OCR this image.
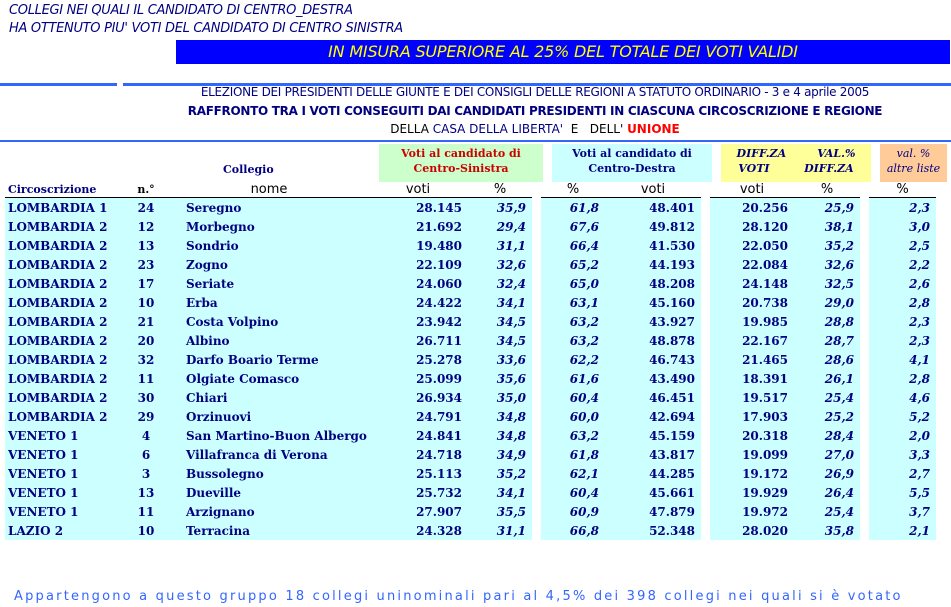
COLLEGI NEI QUALI IL CANDIDATO DI CENTRO_DESTRA
HA OTTENUTO PIU' VOTI DEL CANDIDATO DI CENTRO SINISTRA
IN MISURA SUPERIORE AL 25% DEL TOTALE DEI VOTI VALIDI
ELEZIONE DEI PRESIDENTI DELLE GIUNTE E DEI CONSIGLI DELLE REGIONI A STATUTO ORDINARIO - 3 e 4 aprile 2005
RAFFRONTO TRA I VOTI CONSEGUITI DAI CANDIDATI PRESIDENTI IN CIASCUNA CIRCOSCRIZIONE E REGIONE
DELLA CASA DELLA LIBERTA'  E   DELL' UNIONE
Collegio
Voti al candidato di
Centro-Sinistra
Voti al candidato di
Centro-Destra
DIFF.ZA	VAL.%
VOTI	DIFF.ZA
val. %
altre liste
Circoscrizione	n.°	nome	voti	%		%	voti		voti	%		%
LOMBARDIA 1	24	Seregno	28.145	35,9		61,8	48.401		20.256	25,9		2,3
LOMBARDIA 2	12	Morbegno	21.692	29,4		67,6	49.812		28.120	38,1		3,0
LOMBARDIA 2	13	Sondrio	19.480	31,1		66,4	41.530		22.050	35,2		2,5
LOMBARDIA 2	23	Zogno	22.109	32,6		65,2	44.193		22.084	32,6		2,2
LOMBARDIA 2	17	Seriate	24.060	32,4		65,0	48.208		24.148	32,5		2,6
LOMBARDIA 2	10	Erba	24.422	34,1		63,1	45.160		20.738	29,0		2,8
LOMBARDIA 2	21	Costa Volpino	23.942	34,5		63,2	43.927		19.985	28,8		2,3
LOMBARDIA 2	20	Albino	26.711	34,5		63,2	48.878		22.167	28,7		2,3
LOMBARDIA 2	32	Darfo Boario Terme	25.278	33,6		62,2	46.743		21.465	28,6		4,1
LOMBARDIA 2	11	Olgiate Comasco	25.099	35,6		61,6	43.490		18.391	26,1		2,8
LOMBARDIA 2	30	Chiari	26.934	35,0		60,4	46.451		19.517	25,4		4,6
LOMBARDIA 2	29	Orzinuovi	24.791	34,8		60,0	42.694		17.903	25,2		5,2
VENETO 1	4	San Martino-Buon Albergo	24.841	34,8		63,2	45.159		20.318	28,4		2,0
VENETO 1	6	Villafranca di Verona	24.718	34,9		61,8	43.817		19.099	27,0		3,3
VENETO 1	3	Bussolegno	25.113	35,2		62,1	44.285		19.172	26,9		2,7
VENETO 1	13	Dueville	25.732	34,1		60,4	45.661		19.929	26,4		5,5
VENETO 1	11	Arzignano	27.907	35,5		60,9	47.879		19.972	25,4		3,7
LAZIO 2	10	Terracina	24.328	31,1		66,8	52.348		28.020	35,8		2,1
Appartengono a questo gruppo 18 collegi uninominali pari al 4,5% dei 398 collegi nei quali si è votato
